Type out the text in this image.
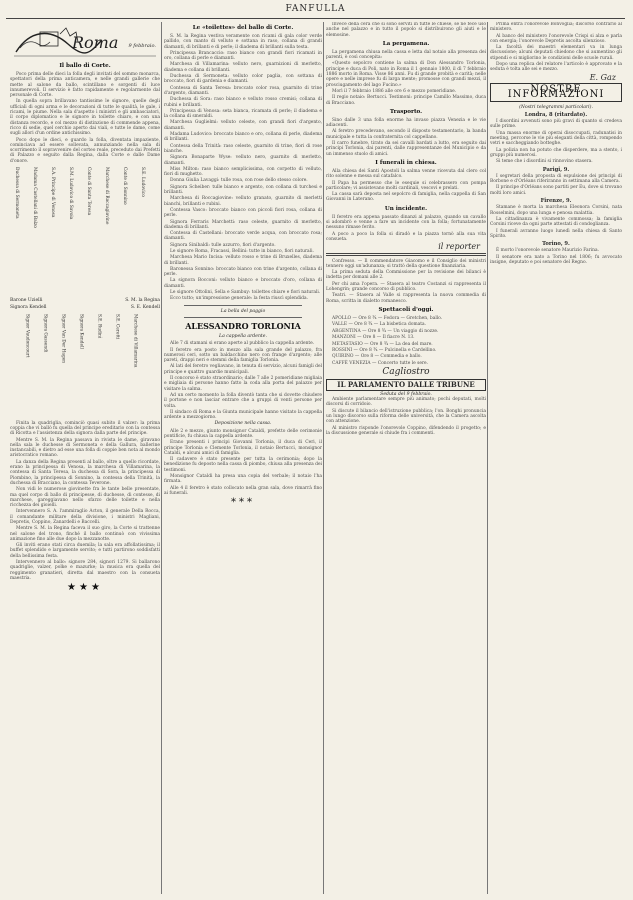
FANFULLA
Roma 9 febbraio.
Il ballo di Corte.

Poco prima delle dieci la folla degli invitati del sommo monarca, spettatori della prima anticamera, e nelle grandi gallerie che mette al salone da ballo, scintillano e sorgenti di luce innumerevoli. Il servizio è fatto rapidamente e regolarmente dal personale di Corte.

In quella sopra brillavano tantissime le signore, quelle degli ufficiali di ogni arma e le decorazioni di tutte le qualità, le gale, i ricami, le piume. Nella sala d'aspetto i ministri e gli ambasciatori, il corpo diplomatico e le signore in toilette chiaro, e con una distanza recordo, e col mezzo di distinzione di commende appena, ricco di sedie, quel cerchio aperto dai viali, e tutte le dame, come sugli allori d'un ordine antichissimo.

Poco dopo le dieci, e guardo la folla, diventata impaziente, cominciava ad essere sollevata, annunziando nella sala di scorrimento il sopravvenire del corteo reale, preceduto dai Prefetti di Palazzo e seguito dalla Regina, dalla Corte e dalle Dame d'onore.

Duchessa di Sermoneta	Madama Castellani di Balzo	S.A. Principe di Venosa	S.M. Ludovico di Savoia	Conte di Santa Teresa	Marchese di Roccagiovine	Conte di Sonnino	S.E. Ludovico
Barone Uzielli	S. M. la Regina
Signora Kendell	S. E. Kendell
Signor Vaudoncourt	Signora Gassendi	Signor Van Der Hagen	Signora Kendell	S.E. Rudinì	S.E. Ceretti	Marchese di Villamarina

Finita la quadriglia, cominciò quasi subito il valzer: la prima coppia che vi ballò fu quella del principe ereditario con la contessa di Ricotta e l'assistenza della signora dalla parte del principe.

Mentre S. M. la Regina passava in rivista le dame, giravano nella sala le duchesse di Sermoneta e della Gallura, ballerine instancabili, e dietro ad esse una folla di coppie ben nota al mondo aristocratico romano.

La danza della Regina presenti al ballo, oltre a quello ricordate, erano la principessa di Venosa, la marchesa di Villamarina, la contessa di Santa Teresa, la duchessa di Sora, la principessa di Piombino, la principessa di Sonnino, la contessa della Trinità, la duchessa di Bracciano, la contessa Teverone.

Non vidi le numerose giovinette fra le tante belle presentate, ma quel corpo di ballo di principesse, di duchesse, di contesse, di marchese, gareggiavano nello sfarzo delle toilette e nella ricchezza dei gioielli.

Intervennero S. A. l'ammiraglio Acton, il generale Della Rocca, il comandante militare della divisione, i ministri Magliani, Depretis, Coppino, Zanardelli e Baccelli.

Mentre S. M. la Regina faceva il suo giro, la Corte si trattenne nel salone del trono, finché il ballo continuò con vivissima animazione fino alle due dopo la mezzanotte.

Gli inviti erano stati circa duemila; la sala era affollatissima; il buffet splendido e largamente servito; e tutti partirono soddisfatti della bellissima festa.

Intervennero al ballo: signore 284, signori 1279. Si ballarono quadriglie, valzer, polke e mazurke; la musica era quella del reggimento granatieri, diretta dal maestro con la consueta maestria.

★★★
Le «toilettes» del ballo di Corte.

S. M. la Regina vestiva veramente con ricami di gala color verde pallido, con manto di velluto e sottana in raso, collana di grandi diamanti, di brillanti e di perle; il diadema di brillanti sulla testa.

Principessa Brancaccio: raso bianco con grandi fiori ricamati in oro, collana di perle e diamanti.

Marchesa di Villamarina: velluto nero, guarnizioni di merletto, diadema e collana di brillanti.

Duchessa di Sermoneta: velluto color paglia, con sottana di broccato, fiori di gardenia e diamanti.

Contessa di Santa Teresa: broccato color rosa, guarnito di trine d'argento, diamanti.

Duchessa di Sora: raso bianco e velluto rosso cremisi; collana di rubini e brillanti.

Principessa di Venosa: seta bianca, ricamata di perle; il diadema e la collana di smeraldi.

Marchesa Guglielmi: velluto celeste, con grandi fiori d'argento, diamanti.

Madama Ludovico: broccato bianco e oro, collana di perle, diadema di brillanti.

Contessa della Trinità: raso celeste, guarnito di trine, fiori di rose bianche.

Signora Bonaparte Wyse: velluto nero, guarnito di merletto, diamanti.

Miss Milton: raso bianco semplicissima, con corpetto di velluto, fiori di mughetto.

Donna Giulia Lavaggi: tulle rosa, con rose dello stesso colore.

Signora Scheiber: tulle bianco e argento, con collana di turchesi e brillanti.

Marchesa di Roccagiovine: velluto granato, guarnito di merletti bianchi, brillanti e rubini.

Contessa Vasco: broccato bianco con piccoli fiori rosa, collana di perle.

Signora Ferraris Marchetti: raso celeste, guarnito di merletto, diadema di brillanti.

Contessa di Castellani: broccato verde acqua, con broccato rosa; diamanti.

Signora Sinibaldi: tulle azzurro, fiori d'argento.

Le signore Roma, Fracassi, Bellini: tutte in bianco, fiori naturali.

Marchesa Mario Incisa: velluto rosso e trine di Bruxelles, diadema di brillanti.

Baronessa Sonnino: broccato bianco con trine d'argento, collana di perle.

La signora Bocconi: velluto bianco e broccato d'oro, collana di diamanti.

Le signore Ottolini, Sella e Sambuy: toilettes chiare e fiori naturali.

Ecco tutto; un'impressione generale: la festa riuscì splendida.

La bella del paggio
ALESSANDRO TORLONIA
La cappella ardente.

Alle 7 di stamani si erano aperte al pubblico la cappella ardente.

Il feretro era posto in mezzo alla sala grande del palazzo, fra numerosi ceri, sotto un baldacchino nero con frange d'argento; alle pareti, drappi neri e stemmi della famiglia Torlonia.

Al lati del feretro vegliavano, in tenuta di servizio, alcuni famigli del principe e quattro guardie municipali.

Il concorso è stato straordinario; dalle 7 alle 2 pomeridiane migliaia e migliaia di persone hanno fatto la coda alla porta del palazzo per visitare la salma.

Ad un certo momento la folla diventò tanta che si dovette chiudere il portone e non lasciar entrare che a gruppi di venti persone per volta.

Il sindaco di Roma e la Giunta municipale hanno visitato la cappella ardente a mezzogiorno.

Deposizione nella cassa.

Alle 2 e mezzo, giunto monsignor Cataldi, prefetto delle cerimonie pontificie, fu chiusa la cappella ardente.

Erano presenti i principi Giovanni Torlonia, il duca di Ceri, il principe Torlonia e Clemente Torlonia, il notaio Bertucci, monsignor Cataldi, e alcuni amici di famiglia.

Il cadavere è stato presente per tutta la cerimonia; dopo la benedizione fu deposto nella cassa di piombo, chiusa alla presenza dei testimoni.

Monsignor Cataldi ha presa una copia del verbale; il notaio l'ha firmata.

Alle 4 il feretro è stato collocato nella gran sala, dove rimarrà fino ai funerali.

***

Invece della cera che si sono serviti in tutte le chiese, se ne fece uso anche nel palazzo e in tutto il popolo si distribuirono gli aiuti e le elemosine.

La pergamena.

La pergamena chiusa nella cassa e letta dal notaio alla presenza dei parenti, è così concepita:

«Questo sepolcro contiene la salma di Don Alessandro Torlonia, principe e duca di Poli, nato in Roma il 1 gennaio 1800, il dì 7 febbraio 1886 morto in Roma. Visse 86 anni. Fu di grande probità e carità; nelle opere e nelle imprese fu di larga mente; promosse con grandi mezzi, il prosciugamento del lago Fucino.»

Morì il 7 febbraio 1886 alle ore 6 e mezzo pomeridiane.

Il regio notaio: Bertucci. Testimoni: principe Camillo Massimo, duca di Bracciano.

Trasporto.

Sino dalle 3 una folla enorme ha invaso piazza Venezia e le vie adiacenti.

Al feretro precedevano, secondo il disposto testamentario, la banda municipale e tutta la confraternita col cappellano.

Il carro funebre, tirato da sei cavalli bardati a lutto, era seguito dai principi Torlonia, dai parenti, dalle rappresentanze del Municipio e da un immenso stuolo di amici.

I funerali in chiesa.

Alla chiesa dei Santi Apostoli la salma venne ricevuta dal clero col rito solenne e messa sul catafalco.

Il Papa ha permesso che le esequie si celebrassero con pompa particolare; vi assistevano molti cardinali, vescovi e prelati.

La cassa sarà deposta nel sepolcro di famiglia, nella cappella di San Giovanni in Laterano.

Un incidente.

Il feretro era appena passato dinanzi al palazzo, quando un cavallo si adombrò e venne a fare un incidente con la folla; fortunatamente nessuno rimase ferito.

A poco a poco la folla si diradò e la piazza tornò alla sua vita consueta.

il reporter

Confresso. — Il commendatore Giacomo e il Consiglio dei ministri tennero oggi un'adunanza; si trattò della questione finanziaria.

La prima seduta della Commissione per la revisione dei bilanci è indetta per domani alle 2.

Per chi ama l'opera. — Stasera al teatro Costanzi si rappresenta il Lohengrin; grande concorso di pubblico.

Teatri. — Stasera al Valle si rappresenta la nuova commedia di Roma, scritta in dialetto romanesco.

Spettacoli d'oggi.

APOLLO — Ore 8 ¾ — Fedora — Gretchen, ballo.

VALLE — Ore 8 ¾ — La bisbetica domata.

ARGENTINA — Ore 8 ¾ — Un viaggio di nozze.

MANZONI — Ore 8 — Il fiacre N. 13.

METASTASIO — Ore 8 ¾ — La dea del mare.

ROSSINI — Ore 8 ¾ — Pulcinella e Cardellino.

QUIRINO — Ore 8 — Commedia e ballo.

CAFFÈ VENEZIA — Concerto tutte le sere.

Cagliostro
IL PARLAMENTO DALLE TRIBUNE
Seduta del 9 febbraio.

Ambiente parlamentare sempre più animato; pochi deputati, molti discorsi di corridoio.

Si discute il bilancio dell'istruzione pubblica; l'on. Bonghi pronuncia un lungo discorso sulla riforma delle università, che la Camera ascolta con attenzione.

Al ministro risponde l'onorevole Coppino, difendendo il progetto; e la discussione generale si chiude fra i commenti.

Prima entra l'onorevole Bonvoglia; discorso contrario al ministero.

Al banco del ministero l'onorevole Crispi si alza e parla con energia; l'onorevole Depretis ascolta silenzioso.

La facoltà dei maestri elementari va in lunga discussione; alcuni deputati chiedono che si aumentino gli stipendi e si migliorino le condizioni delle scuole rurali.

Dopo una replica del relatore l'articolo è approvato e la seduta è tolta alle sei e mezzo.

E. Gaz
NOSTRE INFORMAZIONI
(Nostri telegrammi particolari).
Londra, 8 (ritardato).

I disordini avvenuti sono più gravi di quanto si credeva sulle prime.

Una massa enorme di operai disoccupati, radunatisi in meeting, percorse le vie più eleganti della città, rompendo vetri e saccheggiando botteghe.

La polizia non ha potuto che disperdere, ma a stento, i gruppi più numerosi.

Si teme che i disordini si rinnovino stasera.

Parigi, 9.

I segretari della proposta di espulsione dei principi di Borbone e d'Orléans riferiranno in settimana alla Camera.

Il principe d'Orléans sono partiti per Eu, dove si trovano molti loro amici.

Firenze, 9.

Stamane è morta la marchesa Eleonora Corsini, nata Rosselmini, dopo una lunga e penosa malattia.

La cittadinanza è vivamente commossa; la famiglia Corsini riceve da ogni parte attestati di condoglianza.

I funerali avranno luogo lunedì nella chiesa di Santo Spirito.

Torino, 9.

È morto l'onorevole senatore Maurizio Farina.

Il senatore era nato a Torino nel 1806; fu avvocato insigne, deputato e poi senatore del Regno.
